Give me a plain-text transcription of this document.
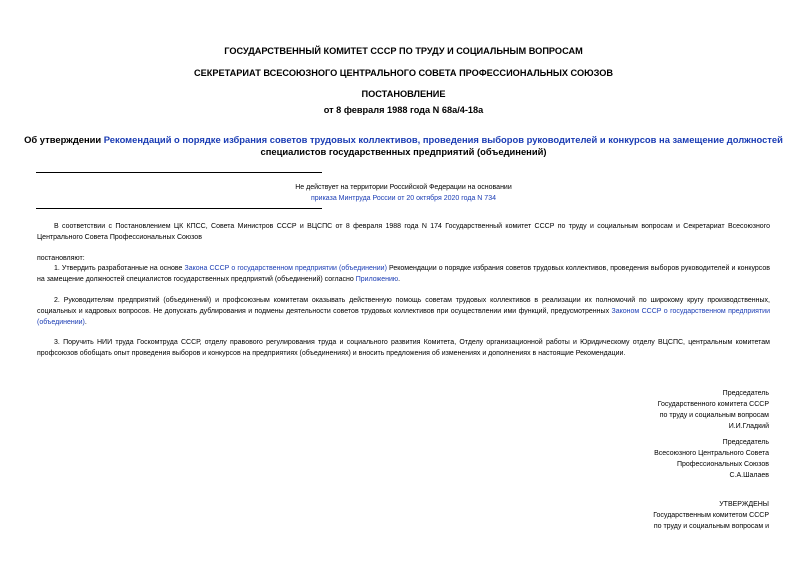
ГОСУДАРСТВЕННЫЙ КОМИТЕТ СССР ПО ТРУДУ И СОЦИАЛЬНЫМ ВОПРОСАМ
СЕКРЕТАРИАТ ВСЕСОЮЗНОГО ЦЕНТРАЛЬНОГО СОВЕТА ПРОФЕССИОНАЛЬНЫХ СОЮЗОВ
ПОСТАНОВЛЕНИЕ
от 8 февраля 1988 года N 68а/4-18а
Об утверждении Рекомендаций о порядке избрания советов трудовых коллективов, проведения выборов руководителей и конкурсов на замещение должностей
специалистов государственных предприятий (объединений)
Не действует на территории Российской Федерации на основании
приказа Минтруда России от 20 октября 2020 года N 734
В соответствии с Постановлением ЦК КПСС, Совета Министров СССР и ВЦСПС от 8 февраля 1988 года N 174 Государственный комитет СССР по труду и социальным вопросам и Секретариат Всесоюзного Центрального Совета Профессиональных Союзов
постановляют:
1. Утвердить разработанные на основе Закона СССР о государственном предприятии (объединении) Рекомендации о порядке избрания советов трудовых коллективов, проведения выборов руководителей и конкурсов на замещение должностей специалистов государственных предприятий (объединений) согласно Приложению.
2. Руководителям предприятий (объединений) и профсоюзным комитетам оказывать действенную помощь советам трудовых коллективов в реализации их полномочий по широкому кругу производственных, социальных и кадровых вопросов. Не допускать дублирования и подмены деятельности советов трудовых коллективов при осуществлении ими функций, предусмотренных Законом СССР о государственном предприятии (объединении).
3. Поручить НИИ труда Госкомтруда СССР, отделу правового регулирования труда и социального развития Комитета, Отделу организационной работы и Юридическому отделу ВЦСПС, центральным комитетам профсоюзов обобщать опыт проведения выборов и конкурсов на предприятиях (объединениях) и вносить предложения об изменениях и дополнениях в настоящие Рекомендации.
Председатель
Государственного комитета СССР
по труду и социальным вопросам
И.И.Гладкий
Председатель
Всесоюзного Центрального Совета
Профессиональных Союзов
С.А.Шалаев
УТВЕРЖДЕНЫ
Государственным комитетом СССР
по труду и социальным вопросам и
